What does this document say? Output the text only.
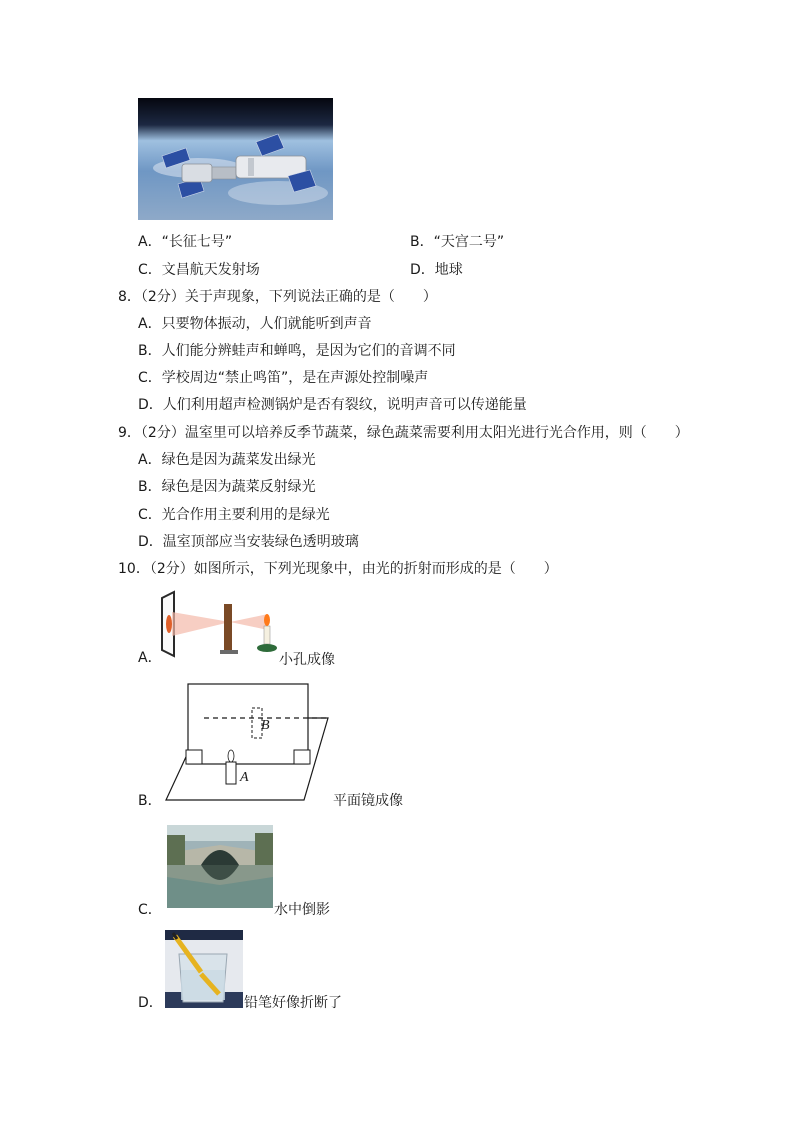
A．“长征七号”	B．“天宫二号”
C．文昌航天发射场	D．地球
8．（2分）关于声现象，下列说法正确的是（　　）
A．只要物体振动，人们就能听到声音
B．人们能分辨蛙声和蝉鸣，是因为它们的音调不同
C．学校周边“禁止鸣笛”，是在声源处控制噪声
D．人们利用超声检测锅炉是否有裂纹，说明声音可以传递能量
9．（2分）温室里可以培养反季节蔬菜，绿色蔬菜需要利用太阳光进行光合作用，则（　　）
A．绿色是因为蔬菜发出绿光
B．绿色是因为蔬菜反射绿光
C．光合作用主要利用的是绿光
D．温室顶部应当安装绿色透明玻璃
10．（2分）如图所示，下列光现象中，由光的折射而形成的是（　　）
A．	小孔成像
B．
B
A
平面镜成像
C．	水中倒影
D．	铅笔好像折断了
